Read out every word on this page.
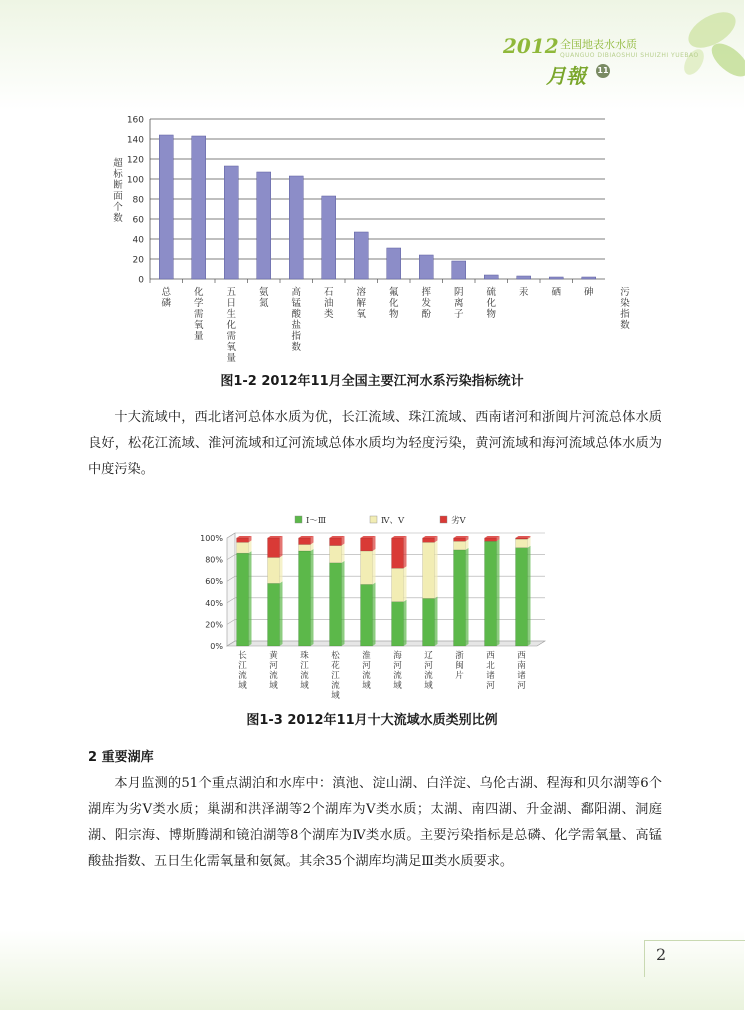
2012 全国地表水水质
QUANGUO DIBIAOSHUI SHUIZHI YUEBAO
月報 11
0
20
40
60
80
100
120
140
160
总磷
化学需氧量
五日生化需氧量
氨氮
高锰酸盐指数
石油类
溶解氧
氟化物
挥发酚
阴离子
硫化物
汞 硒 砷
超标断面个数
污染指数
图1-2 2012年11月全国主要江河水系污染指标统计

十大流域中，西北诸河总体水质为优，长江流域、珠江流域、西南诸河和浙闽片河流总体水质良好，松花江流域、淮河流域和辽河流域总体水质均为轻度污染，黄河流域和海河流域总体水质为中度污染。

Ⅰ～Ⅲ	Ⅳ、Ⅴ	劣Ⅴ
0%
20%
40%
60%
80%
100%
长江流域
黄河流域
珠江流域
松花江流域
淮河流域
海河流域
辽河流域
浙闽片
西北诸河
西南诸河
图1-3 2012年11月十大流域水质类别比例
2 重要湖库

本月监测的51个重点湖泊和水库中：滇池、淀山湖、白洋淀、乌伦古湖、程海和贝尔湖等6个湖库为劣Ⅴ类水质；巢湖和洪泽湖等2个湖库为Ⅴ类水质；太湖、南四湖、升金湖、鄱阳湖、洞庭湖、阳宗海、博斯腾湖和镜泊湖等8个湖库为Ⅳ类水质。主要污染指标是总磷、化学需氧量、高锰酸盐指数、五日生化需氧量和氨氮。其余35个湖库均满足Ⅲ类水质要求。

2
